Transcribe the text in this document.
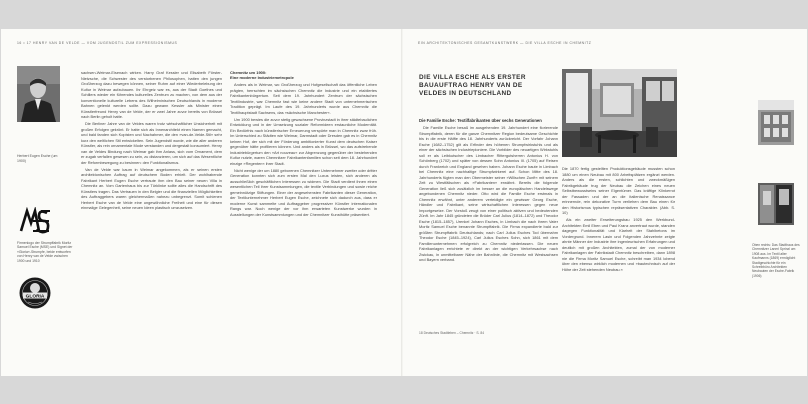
16 • 17 HENRY VAN DE VELDE — VOM JUGENDSTIL ZUM EXPRESSIONISMUS
Herbert Eugen Esche (um 1900)
Firmenlogo der Strumpffabrik Moritz Samuel Esche (MSE) und Signet der »Gloria«-Strumpfe, beide entworfen von Henry van de Velde zwischen 1900 und 1910
GLORIA

sachsen-Weimar-Eisenach wirken. Harry Graf Kessler und Elisabeth Förster-Nietzsche, die Schwester des verstorbenen Philosophen, hatten den jungen Großherzog dazu bewegen können, seiner Ruhm auf einer Wiederbelebung der Kultur in Weimar aufzubauen. Ihr Ehrgeiz war es, aus der Stadt Goethes und Schillers wieder ein führendes kulturelles Zentrum zu machen, von dem aus der konventionelle kulturelle Lebens des Wilhelminischen Deutschlands in moderne Bahnen gelenkt werden sollte. Dazu gewann Kessler als Minister einen Künstlerfreund Henry van de Velde, der er zwei Jahre zuvor bereits von Brüssel nach Berlin geholt hatte.

Die Berliner Jahre van de Veldes waren trotz wirtschaftlicher Unsicherheit mit großen Erfolgen gekrönt. Er hatte sich als Innenarchitekt einen Namen gemacht, und bald fanden sich Kopisten und Nachahmer, die den »van-de-Velde-Stil« sehr kurz den weltlichen Stil entwickelten. Sein Jugendstil wurde, wie die aller anderen Künstler, als rein ornamentale Mode verstanden und dergestalt konsumiert. Henry van de Veldes Bindung nach Weimar gab ihm Anlass, sich vom Ornament, dem er zugab verfallen gewesen zu sein, zu distanzieren, um sich auf das Wesentliche der Reformbewegung zu besinnen: den Funktionalismus.

Van de Velde war kaum in Weimar angekommen, als er seinen ersten architektonischen Auftrag auf deutschem Boden erhielt. Der wohlhabende Fabrikant Herbert Eugen Esche vertraute ihm den Bau seiner neuen Villa in Chemnitz an. Vom Gartenhaus bis zur Türklinke sollte alles die Handschrift des Künstlers tragen. Das Vertrauen in den Belgier und die finanziellen Möglichkeiten des Auftraggebers waren gleichermaßen nahezu unbegrenzt. Somit schienen Herbert Esche van de Velde eine ungewöhnliche Freiheit und eine für diesen einmalige Gelegenheit, seine neuen Ideen plastisch umzusetzen.

Chemnitz um 1900:
Eine moderne Industriemetropole

Anders als in Weimar, wo Großherzog und Hofgesellschaft das öffentliche Leben prägten, herrschten im sächsischen Chemnitz die Industrie und ein etabliertes Fabrikantenbürgertum. Seit dem 19. Jahrhundert Zentrum der sächsischen Textilindustrie, war Chemnitz fast wie keine andere Stadt von unternehmerischen Tradition geprägt. Im Laufe des 19. Jahrhunderts wurde aus Chemnitz die Textilhauptstadt Sachsens, das »sächsische Manchester«.

Um 1900 bewies die zuvor stetig gewachsene Provinzstadt in ihrer städtebaulichen Entwicklung und in der Umsetzung sozialer Reformideen erstaunliche Modernität. Ein Bedürfnis nach künstlerischer Erneuerung verspürte man in Chemnitz zwar früh. Im Unterschied zu Städten wie Weimar, Darmstadt oder Dresden gab es in Chemnitz keinen Hof, der sich mit der Förderung ambitionierter Kunst dem deutschen Kaiser gegenüber hätte profilieren können. Und anders als in Brüssel, wo das aufstrebende Industriebürgertum den »Art nouveau« zur Abgrenzung gegenüber der bestehenden Kultur nutzte, waren Chemnitzer Fabrikantenfamilien schon seit dem 18. Jahrhundert einzige »Regenten« ihrer Stadt.

Nicht wenige der um 1880 geborenen Chemnitzer Unternehmer zweiter oder dritter Generation konnten sich zum ersten Mal den Luxus leisten, sich anderen als ausschließlich geschäftlichen Interessen zu widmen. Die Stadt verdient ihnen einen wesentlichen Teil ihrer Kunstsammlungen, die textile Verbindungen und sowie reiche gemeinnützige Stiftungen. Einer der angesehensten Fabrikanten dieser Generation, der Textilunternehmer Herbert Eugen Esche, zeichnete sich dadurch aus, dass er moderne Kunst sammelte und Auftraggeber progressiver Künstler internationalen Rangs war. Noch wenige der vor ihm erwarteten Kunstwerke wurden in Ausstellungen der Kunstsammlungen und der Chemnitzer Kunsthütte präsentiert.

EIN ARCHITEKTONISCHES GESAMTKUNSTWERK — DIE VILLA ESCHE IN CHEMNITZ
DIE VILLA ESCHE ALS ERSTER BAUAUFTRAG HENRY VAN DE VELDES IN DEUTSCHLAND
Die Familie Esche: Textilfabrikanten über sechs Generationen

Die Familie Esche besaß im ausgehenden 19. Jahrhundert eine florierende Strumpffabrik, deren für die ganze Chemnitzer Region bedeutsame Geschichte bis in die erste Hälfte des 18. Jahrhunderts zurückreicht. Der Vorfahr Johann Esche (1682–1752) gilt als Erfinder des höhenen Strumpfwirkstuhls und als einer der sächsischen Industriepioniere. Die Vorbilder des neuartigen Wirkstuhls soll er als Leibkutscher des Limbacher Rittergutsherren Antonius H. von Schönberg (1702) und später von dessen Sohn Antonius III. (1705) auf Reisen durch Frankreich und England gesehen haben. Johann Esche baute in Limbach bei Chemnitz eine nachhaltige Strumpfwirkerei auf. Schon Mitte des 18. Jahrhunderts fügten man den Obermeister seiner »Wilischen Zunft« mit seinem Zeit zu Westfälischen als »Fabrikanten« erwähnt. Bereits die folgende Generation ließ sich zusätzlich im besser an die europäischen Handelswege angebundenen Chemnitz nieder. Otto wird die Familie Esche erstmals in Chemnitz erwähnt, unter anderem verteidigte ein gewisser Georg Esche, Händler und Fabrikant, seine wirtschaftlichen Interessen gegen neue Importgesetze. Der Vorstoß zeugt von einer politisch aktiven und bedeutenden Zünft. Im Jahr 1845 gründeten die Brüder Carl Julius (1814–1872) und Theodor Esche (1815–1857), Urenkel Johann Esches, in Limbach die nach ihrem Vater Moritz Samuel Esche benannte Strumpffabrik. Die Firma expandierte bald zur größten Strumpffabrik Deutschlands; nach Carl Julius Esches Tod übernahm Theodor Esche (1845–1924), Carl Julius Esches Sohn, sich 1861 mit dem Familienunternehmen erfolgreich zu Chemnitz niederlassen. Die neuen Fabrikanlagen errichtete er direkt an der wichtigen Verkehrsachse nach Zwickau, in unmittelbarer Nähe der Bahnlinie, die Chemnitz mit Westsachsen und Bayern verband.

Die 1870 fertig gestellten Produktionsgebäude mussten schon 1880 um einen Neubau mit 800 Arbeitsplätzen ergänzt werden. Anders als die ersten, schlichten und zweckmäßigen Fabrikgebäude trug der Neubau die Zeichen eines neuen Selbstbewusstseins seiner Eigentümer. Das kräftige Klinkerrot der Fassaden und der an die italienische Renaissance erinnernde, rein dekorative Turm verliehen dem Bau einen für den Historismus typischen repräsentativen Charakter. (Abb. S. 10)

Als ein zweiter Erweiterungsbau 1925 den Werkbund-Architekten Emil Eben und Paul Kranz anvertraut wurde, standen dagegen Funktionalität und Klarheit der Stahlbetons im Vordergrund. Innerem Lasin und Folgenden Jahrzehnte zeigte ahnte Männer der Industrie ihre ingenieurischen Erfahrungen und deutlich mit großen Architekten, zumal der von moderner Fabrikanlagen der Fabrikstadt Chemnitz beschreiben, dann 1898 nie die Firma Moritz Samuel Esche, schreibt man 1934 lobend über den ebenso wirklich modernen und »bautechnisch auf der Höhe der Zeit stehenden Neubau.«

18 Deutsches Stadtleben – Chemnitz · S. 84
Oben rechts: Das Stadthaus des Chemnitzer Lanerl Sprinzl um 1908 aus. Im Textil alter Kaufmanns (1869) ermöglicht Stadtgeschichte für ein Schreibbüro Architekten Neubauten der Esche-Fabrik (1906)
